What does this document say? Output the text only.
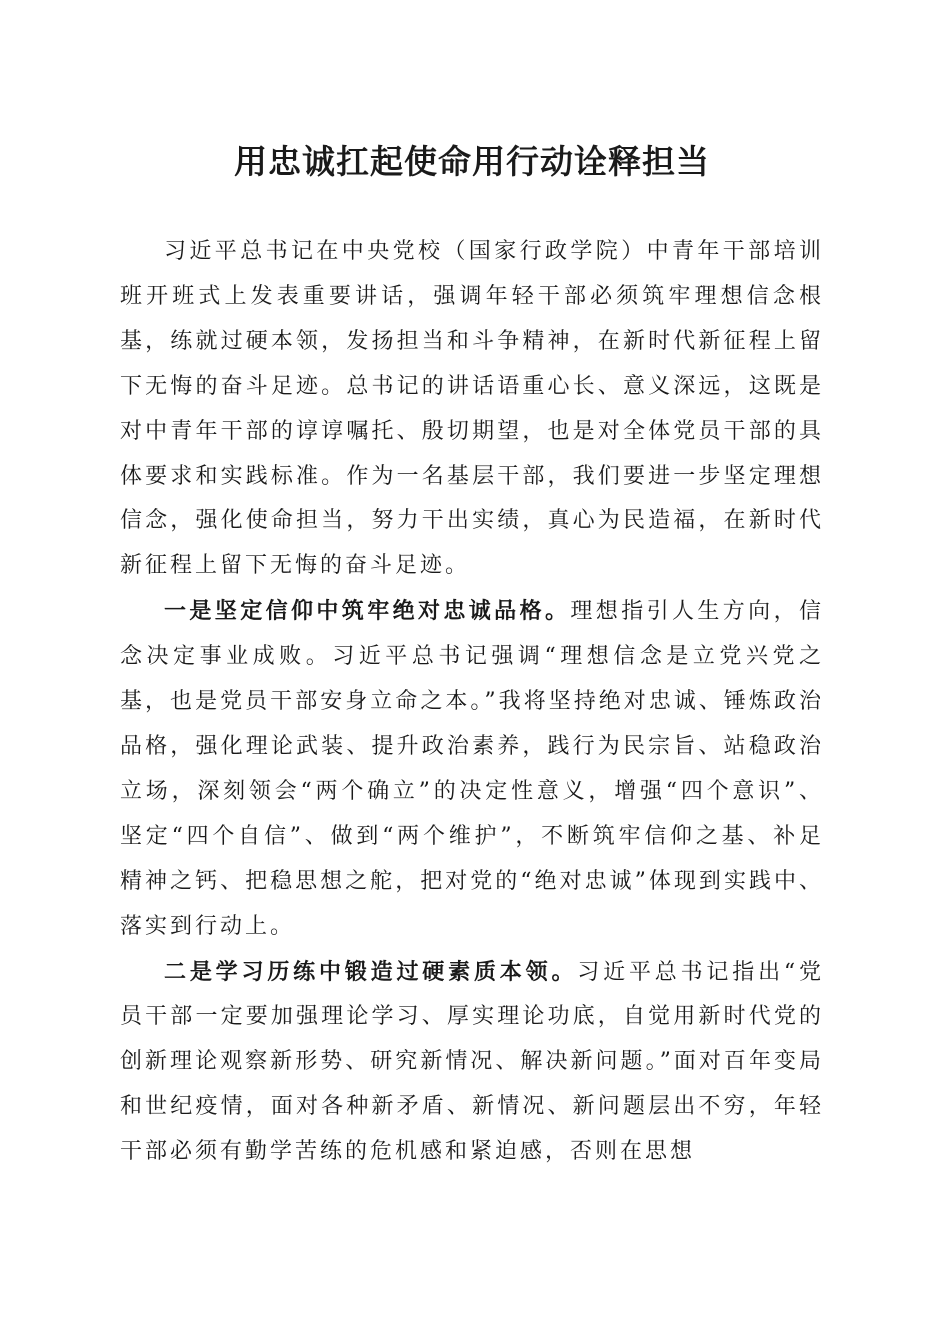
用忠诚扛起使命用行动诠释担当

习近平总书记在中央党校（国家行政学院）中青年干部培训班开班式上发表重要讲话，强调年轻干部必须筑牢理想信念根基，练就过硬本领，发扬担当和斗争精神，在新时代新征程上留下无悔的奋斗足迹。总书记的讲话语重心长、意义深远，这既是对中青年干部的谆谆嘱托、殷切期望，也是对全体党员干部的具体要求和实践标准。作为一名基层干部，我们要进一步坚定理想信念，强化使命担当，努力干出实绩，真心为民造福，在新时代新征程上留下无悔的奋斗足迹。

一是坚定信仰中筑牢绝对忠诚品格。理想指引人生方向，信念决定事业成败。习近平总书记强调“理想信念是立党兴党之基，也是党员干部安身立命之本。”我将坚持绝对忠诚、锤炼政治品格，强化理论武装、提升政治素养，践行为民宗旨、站稳政治立场，深刻领会“两个确立”的决定性意义，增强“四个意识”、坚定“四个自信”、做到“两个维护”，不断筑牢信仰之基、补足精神之钙、把稳思想之舵，把对党的“绝对忠诚”体现到实践中、落实到行动上。

二是学习历练中锻造过硬素质本领。习近平总书记指出“党员干部一定要加强理论学习、厚实理论功底，自觉用新时代党的创新理论观察新形势、研究新情况、解决新问题。”面对百年变局和世纪疫情，面对各种新矛盾、新情况、新问题层出不穷，年轻干部必须有勤学苦练的危机感和紧迫感，否则在思想
